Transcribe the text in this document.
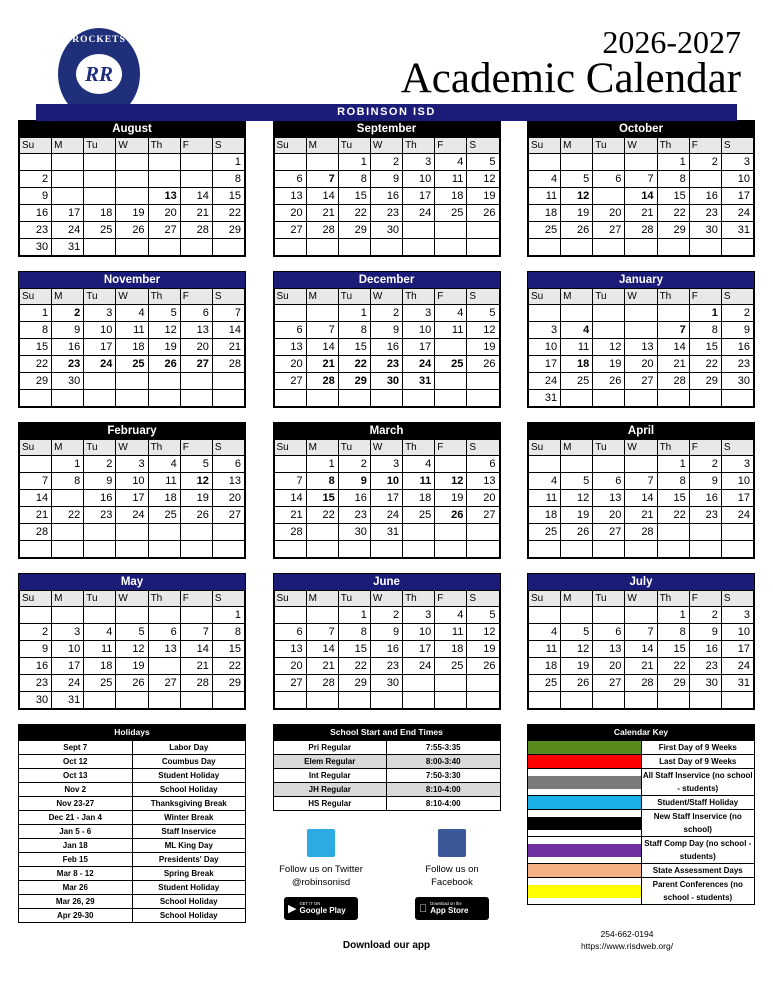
ROCKETS
RR
2026-2027
Academic Calendar
ROBINSON ISD
August
Su	M	Tu	W	Th	F	S
						1
2	3	4	5	6	7	8
9	10	11	12	13	14	15
16	17	18	19	20	21	22
23	24	25	26	27	28	29
30	31					
September
Su	M	Tu	W	Th	F	S
		1	2	3	4	5
6	7	8	9	10	11	12
13	14	15	16	17	18	19
20	21	22	23	24	25	26
27	28	29	30			

October
Su	M	Tu	W	Th	F	S
				1	2	3
4	5	6	7	8	9	10
11	12	13	14	15	16	17
18	19	20	21	22	23	24
25	26	27	28	29	30	31

November
Su	M	Tu	W	Th	F	S
1	2	3	4	5	6	7
8	9	10	11	12	13	14
15	16	17	18	19	20	21
22	23	24	25	26	27	28
29	30					

December
Su	M	Tu	W	Th	F	S
		1	2	3	4	5
6	7	8	9	10	11	12
13	14	15	16	17	18	19
20	21	22	23	24	25	26
27	28	29	30	31		

January
Su	M	Tu	W	Th	F	S
					1	2
3	4	5	6	7	8	9
10	11	12	13	14	15	16
17	18	19	20	21	22	23
24	25	26	27	28	29	30
31						
February
Su	M	Tu	W	Th	F	S
	1	2	3	4	5	6
7	8	9	10	11	12	13
14	15	16	17	18	19	20
21	22	23	24	25	26	27
28						

March
Su	M	Tu	W	Th	F	S
	1	2	3	4	5	6
7	8	9	10	11	12	13
14	15	16	17	18	19	20
21	22	23	24	25	26	27
28	29	30	31			

April
Su	M	Tu	W	Th	F	S
				1	2	3
4	5	6	7	8	9	10
11	12	13	14	15	16	17
18	19	20	21	22	23	24
25	26	27	28	29	30	

May
Su	M	Tu	W	Th	F	S
						1
2	3	4	5	6	7	8
9	10	11	12	13	14	15
16	17	18	19	20	21	22
23	24	25	26	27	28	29
30	31					
June
Su	M	Tu	W	Th	F	S
		1	2	3	4	5
6	7	8	9	10	11	12
13	14	15	16	17	18	19
20	21	22	23	24	25	26
27	28	29	30			

July
Su	M	Tu	W	Th	F	S
				1	2	3
4	5	6	7	8	9	10
11	12	13	14	15	16	17
18	19	20	21	22	23	24
25	26	27	28	29	30	31

Holidays	
Sept 7	Labor Day
Oct 12	Coumbus Day
Oct 13	Student Holiday
Nov 2	School Holiday
Nov 23-27	Thanksgiving Break
Dec 21 - Jan 4	Winter Break
Jan 5 - 6	Staff Inservice
Jan 18	ML King Day
Feb 15	Presidents' Day
Mar 8 - 12	Spring Break
Mar 26	Student Holiday
Mar 26, 29	School Holiday
Apr 29-30	School Holiday
School Start and End Times	
Pri Regular	7:55-3:35
Elem Regular	8:00-3:40
Int Regular	7:50-3:30
JH Regular	8:10-4:00
HS Regular	8:10-4:00
Follow us on Twitter
@robinsonisd
▶ GET IT ON
Google Play
Follow us on
Facebook
Download on the
App Store
Download our app
Calendar Key	

	First Day of 9 Weeks

	Last Day of 9 Weeks

	All Staff Inservice (no school - students)

	Student/Staff Holiday

	New Staff Inservice (no school)

	Staff Comp Day (no school - students)

	State Assessment Days

	Parent Conferences (no school - students)
254-662-0194
https://www.risdweb.org/
